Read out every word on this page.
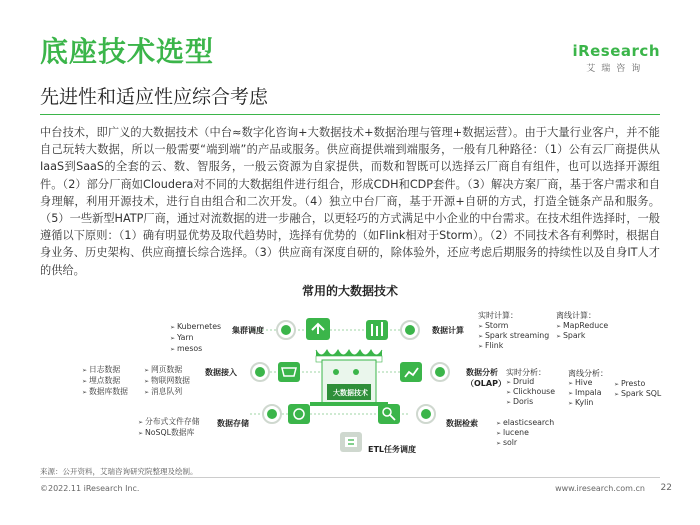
底座技术选型
先进性和适应性应综合考虑
iResearch
艾瑞咨询
中台技术，即广义的大数据技术（中台≈数字化咨询+大数据技术+数据治理与管理+数据运营）。由于大量行业客户，并不能自己玩转大数据，所以一般需要“端到端”的产品或服务。供应商提供端到端服务，一般有几种路径：（1）公有云厂商提供从IaaS到SaaS的全套的云、数、智服务，一般云资源为自家提供，而数和智既可以选择云厂商自有组件，也可以选择开源组件。（2）部分厂商如Cloudera对不同的大数据组件进行组合，形成CDH和CDP套件。（3）解决方案厂商，基于客户需求和自身理解，利用开源技术，进行自由组合和二次开发。（4）独立中台厂商，基于开源+自研的方式，打造全链条产品和服务。（5）一些新型HATP厂商，通过对流数据的进一步融合，以更轻巧的方式满足中小企业的中台需求。在技术组件选择时，一般遵循以下原则：（1）确有明显优势及取代趋势时，选择有优势的（如Flink相对于Storm）。（2）不同技术各有利弊时，根据自身业务、历史架构、供应商擅长综合选择。（3）供应商有深度自研的，除体验外，还应考虑后期服务的持续性以及自身IT人才的供给。
常用的大数据技术
大数据技术
集群调度
➢ Kubernetes
➢ Yarn
➢ mesos
数据接入
➢ 日志数据
➢ 埋点数据
➢ 数据库数据
➢ 网页数据
➢ 物联网数据
➢ 消息队列
数据存储
➢ 分布式文件存储
➢ NoSQL数据库
数据计算
实时计算：
➢ Storm
➢ Spark streaming
➢ Flink
离线计算：
➢ MapReduce
➢ Spark
数据分析
（OLAP）
实时分析：
➢ Druid
➢ Clickhouse
➢ Doris
离线分析：
➢ Hive
➢ Impala
➢ Kylin
➢ Presto
➢ Spark SQL
数据检索
➢	elasticsearch
➢ lucene
➢ solr
ETL任务调度
来源：公开资料，艾瑞咨询研究院整理及绘制。
©2022.11 iResearch Inc.	www.iresearch.com.cn 22
